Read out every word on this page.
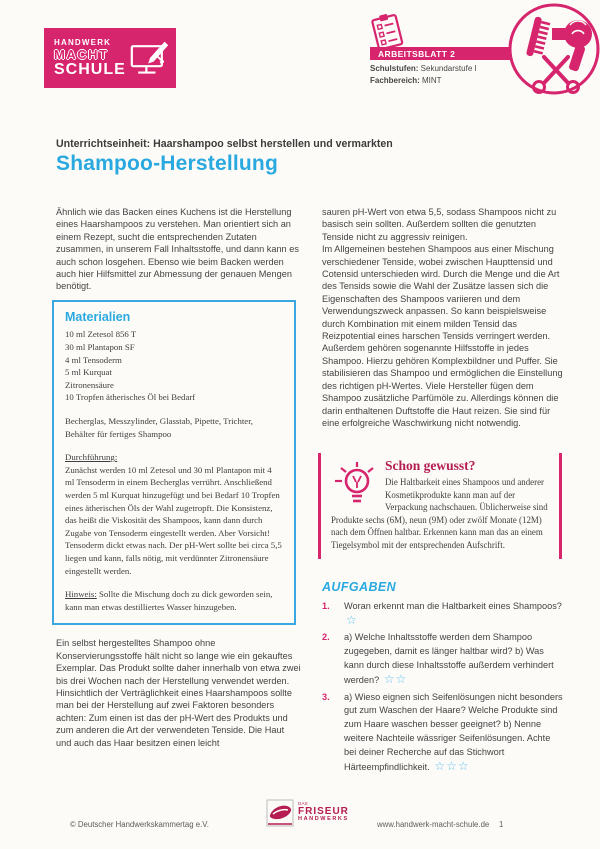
HANDWERK
MACHT
SCHULE
ARBEITSBLATT 2
Schulstufen: Sekundarstufe I
Fachbereich: MINT
Unterrichtseinheit: Haarshampoo selbst herstellen und vermarkten
Shampoo-Herstellung

Ähnlich wie das Backen eines Kuchens ist die Herstellung eines Haarshampoos zu verstehen. Man orientiert sich an einem Rezept, sucht die entsprechenden Zutaten zusammen, in unserem Fall Inhaltsstoffe, und dann kann es auch schon losgehen. Ebenso wie beim Backen werden auch hier Hilfsmittel zur Abmessung der genauen Mengen benötigt.

Materialien
10 ml Zetesol 856 T
30 ml Plantapon SF
4 ml Tensoderm
5 ml Kurquat
Zitronensäure
10 Tropfen ätherisches Öl bei Bedarf
Becherglas, Messzylinder, Glasstab, Pipette, Trichter, Behälter für fertiges Shampoo
Durchführung:
Zunächst werden 10 ml Zetesol und 30 ml Plantapon mit 4 ml Tensoderm in einem Becherglas verrührt. Anschließend werden 5 ml Kurquat hinzugefügt und bei Bedarf 10 Tropfen eines ätherischen Öls der Wahl zugetropft. Die Konsistenz, das heißt die Viskosität des Shampoos, kann dann durch Zugabe von Tensoderm eingestellt werden. Aber Vorsicht! Tensoderm dickt etwas nach. Der pH-Wert sollte bei circa 5,5 liegen und kann, falls nötig, mit verdünnter Zitronensäure eingestellt werden.
Hinweis: Sollte die Mischung doch zu dick geworden sein, kann man etwas destilliertes Wasser hinzugeben.

Ein selbst hergestelltes Shampoo ohne Konservierungsstoffe hält nicht so lange wie ein gekauftes Exemplar. Das Produkt sollte daher innerhalb von etwa zwei bis drei Wochen nach der Herstellung verwendet werden.

Hinsichtlich der Verträglichkeit eines Haarshampoos sollte man bei der Herstellung auf zwei Faktoren besonders achten: Zum einen ist das der pH-Wert des Produkts und zum anderen die Art der verwendeten Tenside. Die Haut und auch das Haar besitzen einen leicht

sauren pH-Wert von etwa 5,5, sodass Shampoos nicht zu basisch sein sollten. Außerdem sollten die genutzten Tenside nicht zu aggressiv reinigen.

Im Allgemeinen bestehen Shampoos aus einer Mischung verschiedener Tenside, wobei zwischen Haupttensid und Cotensid unterschieden wird. Durch die Menge und die Art des Tensids sowie die Wahl der Zusätze lassen sich die Eigenschaften des Shampoos variieren und dem Verwendungszweck anpassen. So kann beispielsweise durch Kombination mit einem milden Tensid das Reizpotential eines harschen Tensids verringert werden. Außerdem gehören sogenannte Hilfsstoffe in jedes Shampoo. Hierzu gehören Komplexbildner und Puffer. Sie stabilisieren das Shampoo und ermöglichen die Einstellung des richtigen pH-Wertes. Viele Hersteller fügen dem Shampoo zusätzliche Parfümöle zu. Allerdings können die darin enthaltenen Duftstoffe die Haut reizen. Sie sind für eine erfolgreiche Waschwirkung nicht notwendig.

Schon gewusst?
Die Haltbarkeit eines Shampoos und anderer Kosmetikprodukte kann man auf der Verpackung nachschauen. Üblicherweise sind Produkte sechs (6M), neun (9M) oder zwölf Monate (12M) nach dem Öffnen haltbar. Erkennen kann man das an einem Tiegelsymbol mit der entsprechenden Aufschrift.
AUFGABEN
1.	Woran erkennt man die Haltbarkeit eines Shampoos? ☆
2.	a) Welche Inhaltsstoffe werden dem Shampoo zugegeben, damit es länger haltbar wird? b) Was kann durch diese Inhaltsstoffe außerdem verhindert werden? ☆☆
3.	a) Wieso eignen sich Seifenlösungen nicht besonders gut zum Waschen der Haare? Welche Produkte sind zum Haare waschen besser geeignet? b) Nenne weitere Nachteile wässriger Seifenlösungen. Achte bei deiner Recherche auf das Stichwort Härteempfindlichkeit. ☆☆☆
© Deutscher Handwerkskammertag e.V.
DAS
FRISEUR
HANDWERKS
www.handwerk-macht-schule.de 1
